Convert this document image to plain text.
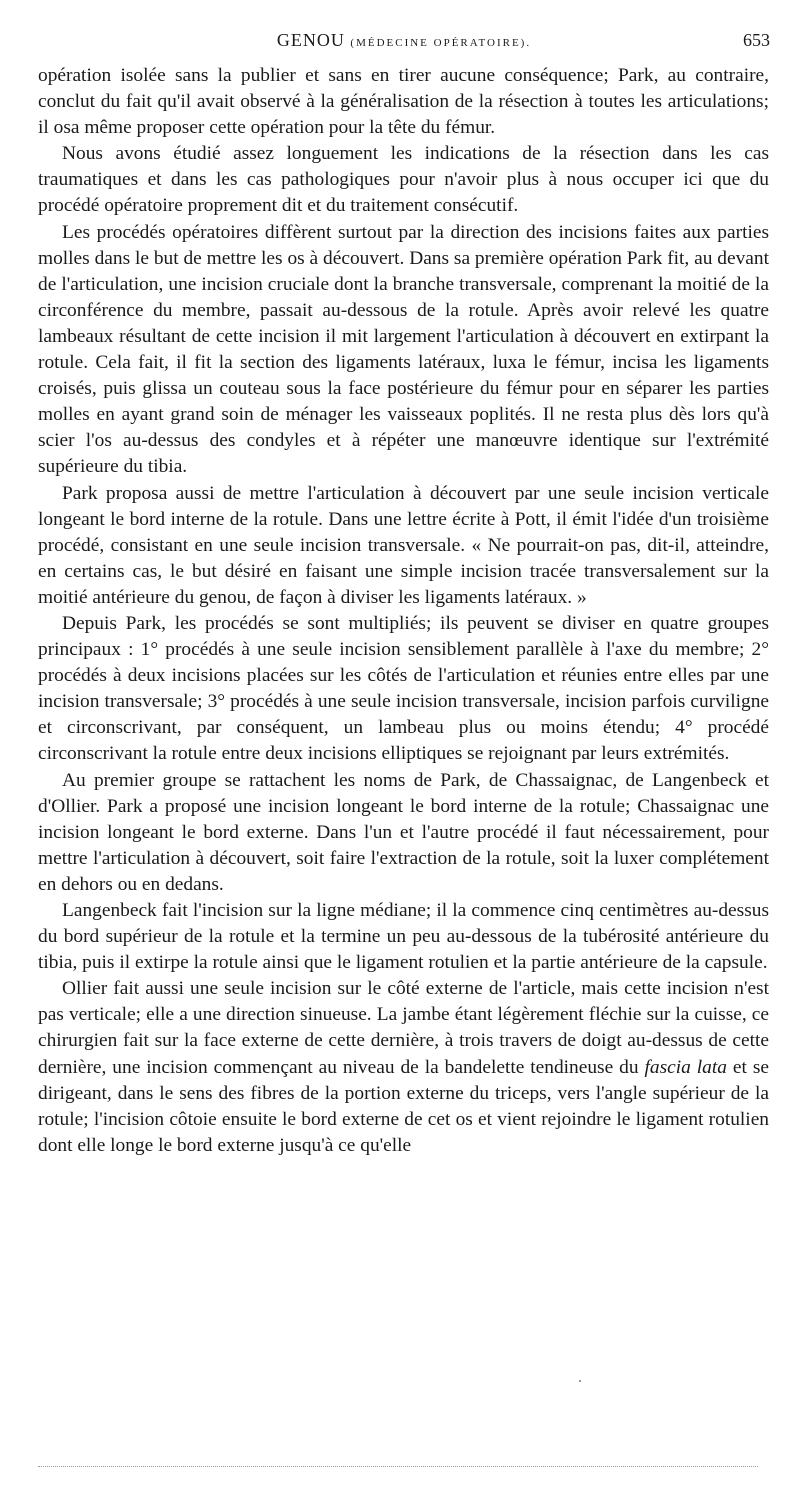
GENOU (MÉDECINE OPÉRATOIRE).	653

opération isolée sans la publier et sans en tirer aucune conséquence; Park, au contraire, conclut du fait qu'il avait observé à la généralisation de la résection à toutes les articulations; il osa même proposer cette opération pour la tête du fémur.

Nous avons étudié assez longuement les indications de la résection dans les cas traumatiques et dans les cas pathologiques pour n'avoir plus à nous occuper ici que du procédé opératoire proprement dit et du traitement consécutif.

Les procédés opératoires diffèrent surtout par la direction des incisions faites aux parties molles dans le but de mettre les os à découvert. Dans sa première opération Park fit, au devant de l'articulation, une incision cruciale dont la branche transversale, comprenant la moitié de la circonférence du membre, passait au-dessous de la rotule. Après avoir relevé les quatre lambeaux résultant de cette incision il mit largement l'articulation à découvert en extirpant la rotule. Cela fait, il fit la section des ligaments latéraux, luxa le fémur, incisa les ligaments croisés, puis glissa un couteau sous la face postérieure du fémur pour en séparer les parties molles en ayant grand soin de ménager les vaisseaux poplités. Il ne resta plus dès lors qu'à scier l'os au-dessus des condyles et à répéter une manœuvre identique sur l'extrémité supérieure du tibia.

Park proposa aussi de mettre l'articulation à découvert par une seule incision verticale longeant le bord interne de la rotule. Dans une lettre écrite à Pott, il émit l'idée d'un troisième procédé, consistant en une seule incision transversale. « Ne pourrait-on pas, dit-il, atteindre, en certains cas, le but désiré en faisant une simple incision tracée transversalement sur la moitié antérieure du genou, de façon à diviser les ligaments latéraux. »

Depuis Park, les procédés se sont multipliés; ils peuvent se diviser en quatre groupes principaux : 1° procédés à une seule incision sensiblement parallèle à l'axe du membre; 2° procédés à deux incisions placées sur les côtés de l'articulation et réunies entre elles par une incision transversale; 3° procédés à une seule incision transversale, incision parfois curviligne et circonscrivant, par conséquent, un lambeau plus ou moins étendu; 4° procédé circonscrivant la rotule entre deux incisions elliptiques se rejoignant par leurs extrémités.

Au premier groupe se rattachent les noms de Park, de Chassaignac, de Langenbeck et d'Ollier. Park a proposé une incision longeant le bord interne de la rotule; Chassaignac une incision longeant le bord externe. Dans l'un et l'autre procédé il faut nécessairement, pour mettre l'articulation à découvert, soit faire l'extraction de la rotule, soit la luxer complétement en dehors ou en dedans.

Langenbeck fait l'incision sur la ligne médiane; il la commence cinq centimètres au-dessus du bord supérieur de la rotule et la termine un peu au-dessous de la tubérosité antérieure du tibia, puis il extirpe la rotule ainsi que le ligament rotulien et la partie antérieure de la capsule.

Ollier fait aussi une seule incision sur le côté externe de l'article, mais cette incision n'est pas verticale; elle a une direction sinueuse. La jambe étant légèrement fléchie sur la cuisse, ce chirurgien fait sur la face externe de cette dernière, à trois travers de doigt au-dessus de cette dernière, une incision commençant au niveau de la bandelette tendineuse du fascia lata et se dirigeant, dans le sens des fibres de la portion externe du triceps, vers l'angle supérieur de la rotule; l'incision côtoie ensuite le bord externe de cet os et vient rejoindre le ligament rotulien dont elle longe le bord externe jusqu'à ce qu'elle
